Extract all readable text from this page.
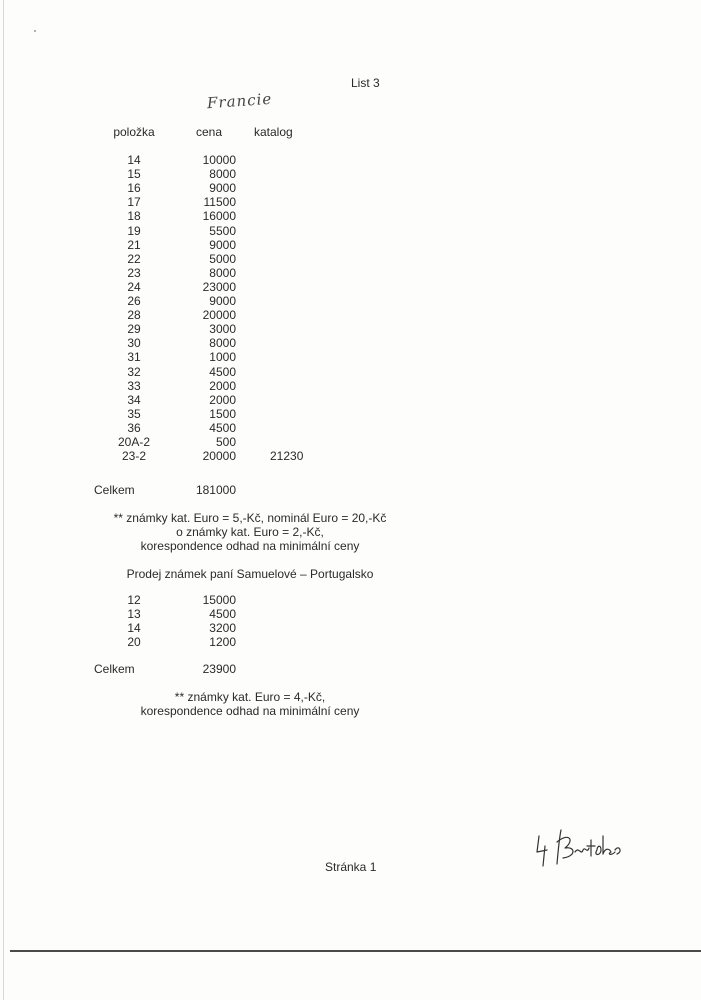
List 3
Francie
položka	cena	katalog
14	10000
15	8000
16	9000
17	11500
18	16000
19	5500
21	9000
22	5000
23	8000
24	23000
26	9000
28	20000
29	3000
30	8000
31	1000
32	4500
33	2000
34	2000
35	1500
36	4500
20A-2	500
23-2	20000	21230
Celkem	181000
** známky kat. Euro = 5,-Kč, nominál Euro = 20,-Kč
o známky kat. Euro = 2,-Kč,
korespondence odhad na minimální ceny
Prodej známek paní Samuelové – Portugalsko
12	15000
13	4500
14	3200
20	1200
Celkem	23900
** známky kat. Euro = 4,-Kč,
korespondence odhad na minimální ceny
Stránka 1
